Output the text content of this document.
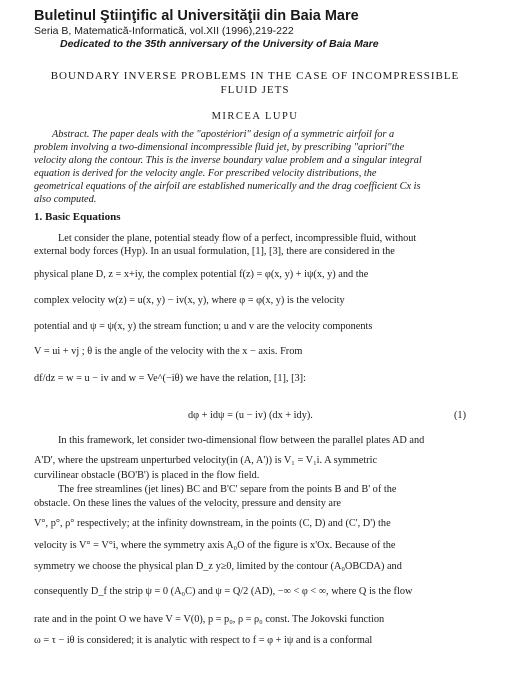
Buletinul Ştiinţific al Universităţii din Baia Mare
Seria B, Matematică-Informatică, vol.XII (1996),219-222
Dedicated to the 35th anniversary of the University of Baia Mare
BOUNDARY INVERSE PROBLEMS IN THE CASE OF INCOMPRESSIBLE
FLUID JETS
MIRCEA LUPU
Abstract. The paper deals with the "apostériori" design of a symmetric airfoil for a
problem involving a two-dimensional incompressible fluid jet, by prescribing "apriori"the
velocity along the contour. This is the inverse boundary value problem and a singular integral
equation is derived for the velocity angle. For prescribed velocity distributions, the
geometrical equations of the airfoil are established numerically and the drag coefficient Cx is
also computed.
1. Basic Equations
Let consider the plane, potential steady flow of a perfect, incompressible fluid, without
external body forces (Hyp). In an usual formulation, [1], [3], there are considered in the
physical plane D, z = x+iy, the complex potential f(z) = φ(x, y) + iψ(x, y) and the
complex velocity w(z) = u(x, y) − iv(x, y), where φ = φ(x, y) is the velocity
potential and ψ = ψ(x, y) the stream function; u and v are the velocity components
V = ui + vj ; θ is the angle of the velocity with the x − axis. From
df/dz = w = u − iv and w = Ve^(−iθ) we have the relation, [1], [3]:
dφ + idψ = (u − iv) (dx + idy).	(1)
In this framework, let consider two-dimensional flow between the parallel plates AD and
A'D', where the upstream unperturbed velocity(in (A, A')) is V₁ = V₁i. A symmetric
curvilinear obstacle (BO'B') is placed in the flow field.
The free streamlines (jet lines) BC and B'C' separe from the points B and B' of the
obstacle. On these lines the values of the velocity, pressure and density are
V°, p°, ρ° respectively; at the infinity downstream, in the points (C, D) and (C', D') the
velocity is V° = V°i, where the symmetry axis A₀O of the figure is x'Ox. Because of the
symmetry we choose the physical plan D_z y≥0, limited by the contour (A₀OBCDA) and
consequently D_f the strip ψ = 0 (A₀C) and ψ = Q/2 (AD), −∞ < φ < ∞, where Q is the flow
rate and in the point O we have V = V(0), p = p₀, ρ = ρ₀ const. The Jokovski function
ω = τ − iθ is considered; it is analytic with respect to f = φ + iψ and is a conformal
